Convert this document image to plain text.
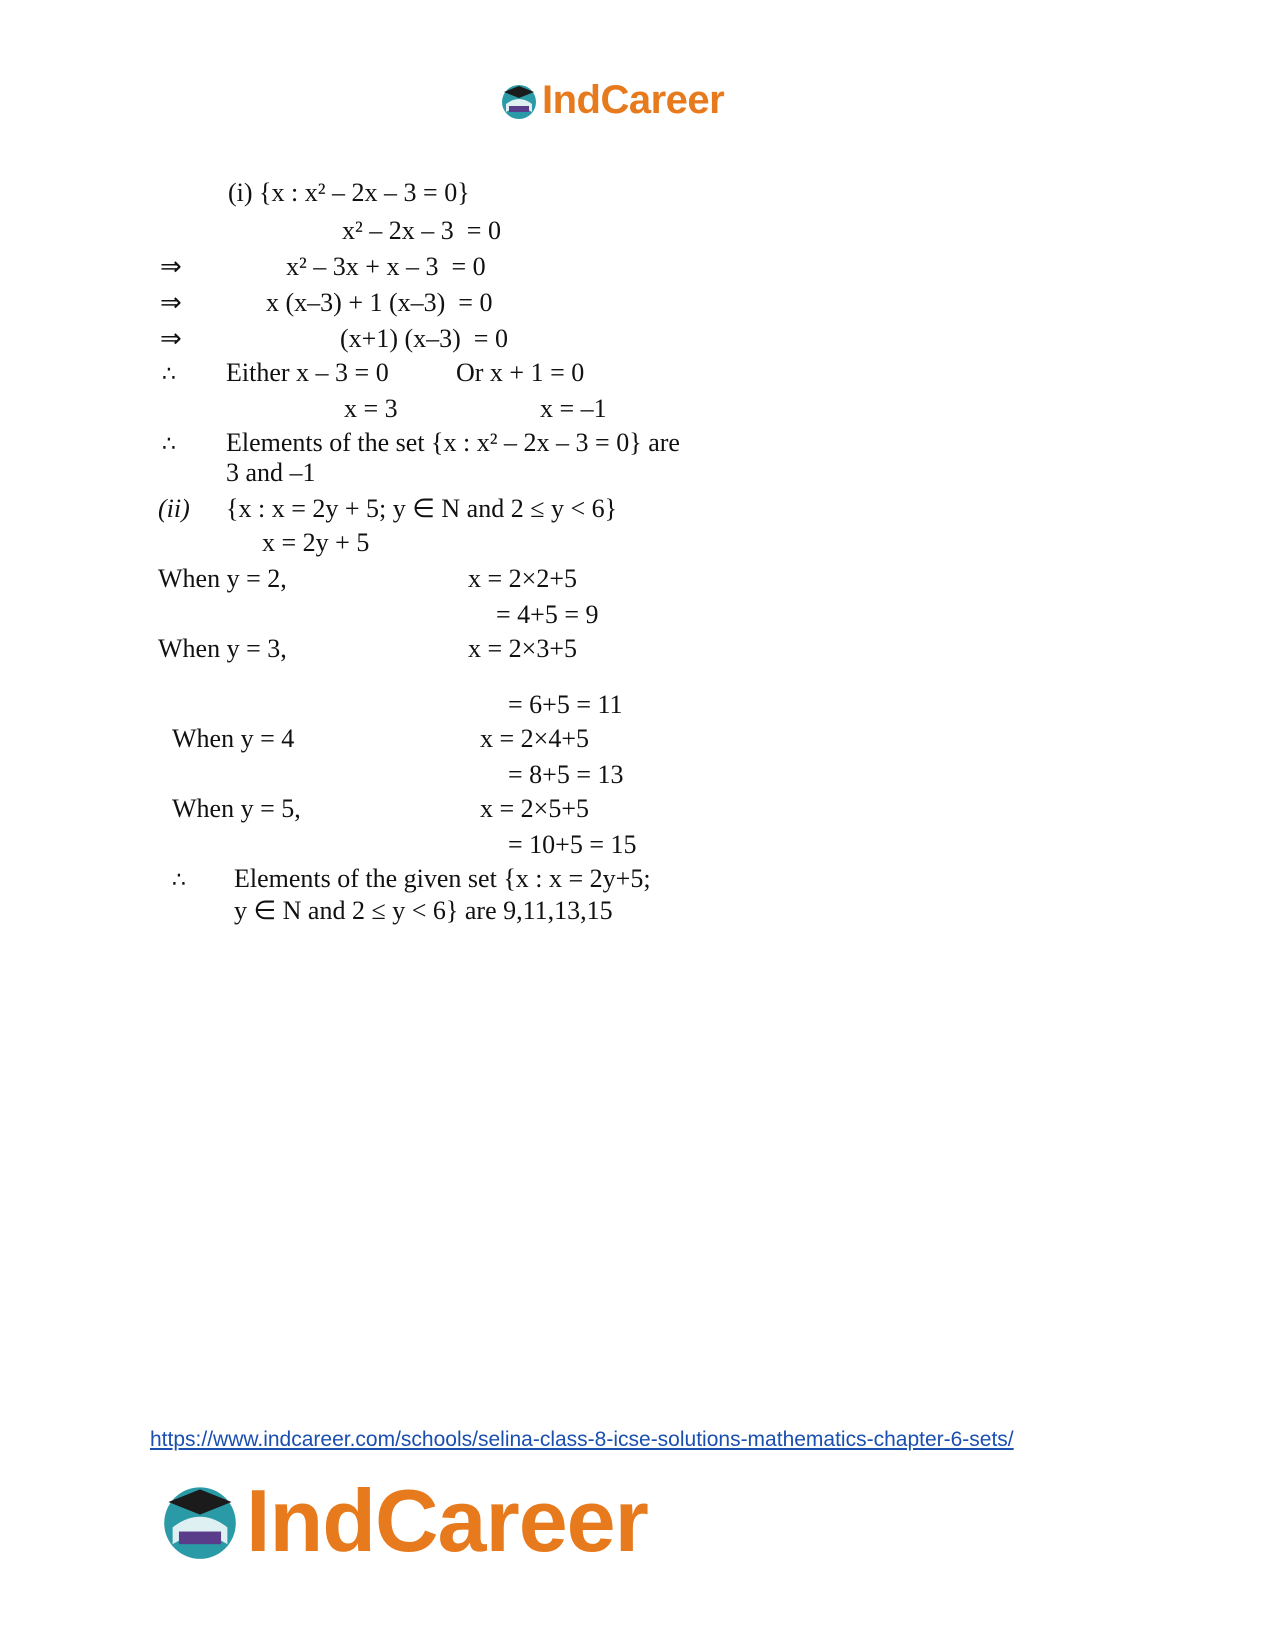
IndCareer
(i) {x : x² – 2x – 3 = 0}
x² – 2x – 3  = 0
⇒	x² – 3x + x – 3  = 0
⇒	x (x–3) + 1 (x–3)  = 0
⇒	(x+1) (x–3)  = 0
∴ Either x – 3 = 0	Or x + 1 = 0
x = 3	x = –1
∴ Elements of the set {x : x² – 2x – 3 = 0} are
3 and –1
(ii) {x : x = 2y + 5; y ∈ N and 2 ≤ y < 6}
x = 2y + 5
When y = 2,	x = 2×2+5
= 4+5 = 9
When y = 3,	x = 2×3+5
= 6+5 = 11
When y = 4	x = 2×4+5
= 8+5 = 13
When y = 5,	x = 2×5+5
= 10+5 = 15
∴ Elements of the given set {x : x = 2y+5;
y ∈ N and 2 ≤ y < 6} are 9,11,13,15
https://www.indcareer.com/schools/selina-class-8-icse-solutions-mathematics-chapter-6-sets/
IndCareer
